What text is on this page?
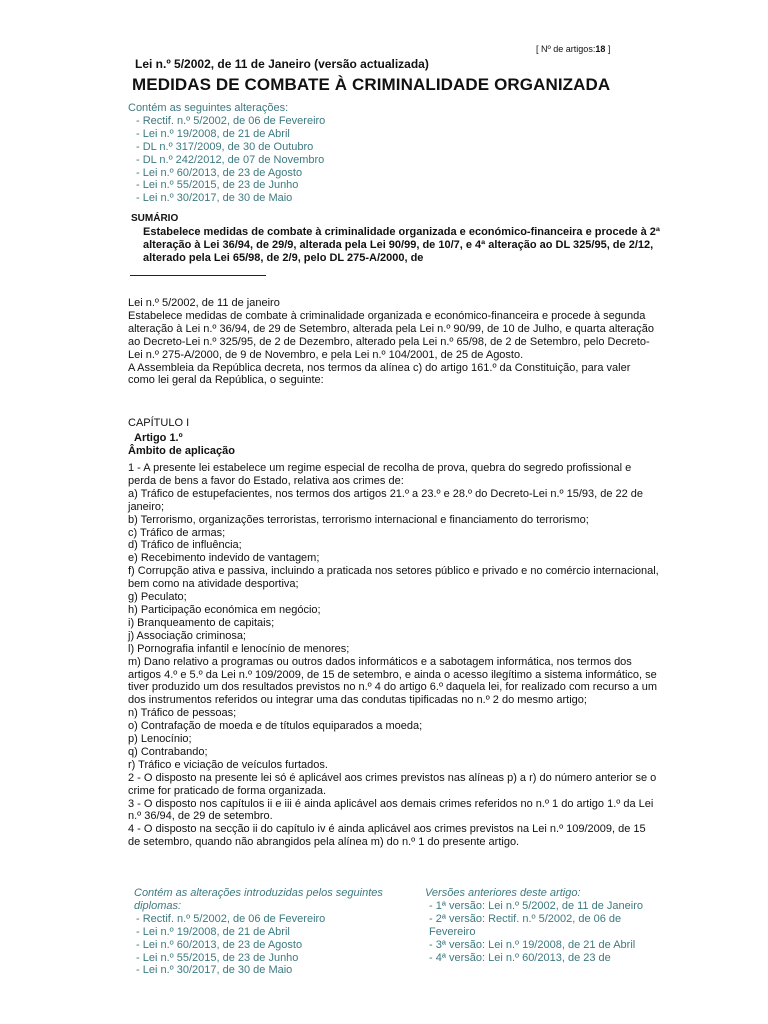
[ Nº de artigos:18 ]
Lei n.º 5/2002, de 11 de Janeiro (versão actualizada)
MEDIDAS DE COMBATE À CRIMINALIDADE ORGANIZADA
Contém as seguintes alterações:
- Rectif. n.º 5/2002, de 06 de Fevereiro
- Lei n.º 19/2008, de 21 de Abril
- DL n.º 317/2009, de 30 de Outubro
- DL n.º 242/2012, de 07 de Novembro
- Lei n.º 60/2013, de 23 de Agosto
- Lei n.º 55/2015, de 23 de Junho
- Lei n.º 30/2017, de 30 de Maio
SUMÁRIO
Estabelece medidas de combate à criminalidade organizada e económico-financeira e procede à 2ª alteração à Lei 36/94, de 29/9, alterada pela Lei 90/99, de 10/7, e 4ª alteração ao DL 325/95, de 2/12, alterado pela Lei 65/98, de 2/9, pelo DL 275-A/2000, de

Lei n.º 5/2002, de 11 de janeiro

Estabelece medidas de combate à criminalidade organizada e económico-financeira e procede à segunda alteração à Lei n.º 36/94, de 29 de Setembro, alterada pela Lei n.º 90/99, de 10 de Julho, e quarta alteração ao Decreto-Lei n.º 325/95, de 2 de Dezembro, alterado pela Lei n.º 65/98, de 2 de Setembro, pelo Decreto-Lei n.º 275-A/2000, de 9 de Novembro, e pela Lei n.º 104/2001, de 25 de Agosto.

A Assembleia da República decreta, nos termos da alínea c) do artigo 161.º da Constituição, para valer como lei geral da República, o seguinte:

CAPÍTULO I
Artigo 1.º
Âmbito de aplicação

1 - A presente lei estabelece um regime especial de recolha de prova, quebra do segredo profissional e perda de bens a favor do Estado, relativa aos crimes de:

a) Tráfico de estupefacientes, nos termos dos artigos 21.º a 23.º e 28.º do Decreto-Lei n.º 15/93, de 22 de janeiro;

b) Terrorismo, organizações terroristas, terrorismo internacional e financiamento do terrorismo;

c) Tráfico de armas;

d) Tráfico de influência;

e) Recebimento indevido de vantagem;

f) Corrupção ativa e passiva, incluindo a praticada nos setores público e privado e no comércio internacional, bem como na atividade desportiva;

g) Peculato;

h) Participação económica em negócio;

i) Branqueamento de capitais;

j) Associação criminosa;

l) Pornografia infantil e lenocínio de menores;

m) Dano relativo a programas ou outros dados informáticos e a sabotagem informática, nos termos dos artigos 4.º e 5.º da Lei n.º 109/2009, de 15 de setembro, e ainda o acesso ilegítimo a sistema informático, se tiver produzido um dos resultados previstos no n.º 4 do artigo 6.º daquela lei, for realizado com recurso a um dos instrumentos referidos ou integrar uma das condutas tipificadas no n.º 2 do mesmo artigo;

n) Tráfico de pessoas;

o) Contrafação de moeda e de títulos equiparados a moeda;

p) Lenocínio;

q) Contrabando;

r) Tráfico e viciação de veículos furtados.

2 - O disposto na presente lei só é aplicável aos crimes previstos nas alíneas p) a r) do número anterior se o crime for praticado de forma organizada.

3 - O disposto nos capítulos ii e iii é ainda aplicável aos demais crimes referidos no n.º 1 do artigo 1.º da Lei n.º 36/94, de 29 de setembro.

4 - O disposto na secção ii do capítulo iv é ainda aplicável aos crimes previstos na Lei n.º 109/2009, de 15 de setembro, quando não abrangidos pela alínea m) do n.º 1 do presente artigo.

Contém as alterações introduzidas pelos seguintes diplomas:
- Rectif. n.º 5/2002, de 06 de Fevereiro
- Lei n.º 19/2008, de 21 de Abril
- Lei n.º 60/2013, de 23 de Agosto
- Lei n.º 55/2015, de 23 de Junho
- Lei n.º 30/2017, de 30 de Maio
Versões anteriores deste artigo:
- 1ª versão: Lei n.º 5/2002, de 11 de Janeiro
- 2ª versão: Rectif. n.º 5/2002, de 06 de Fevereiro
- 3ª versão: Lei n.º 19/2008, de 21 de Abril
- 4ª versão: Lei n.º 60/2013, de 23 de
